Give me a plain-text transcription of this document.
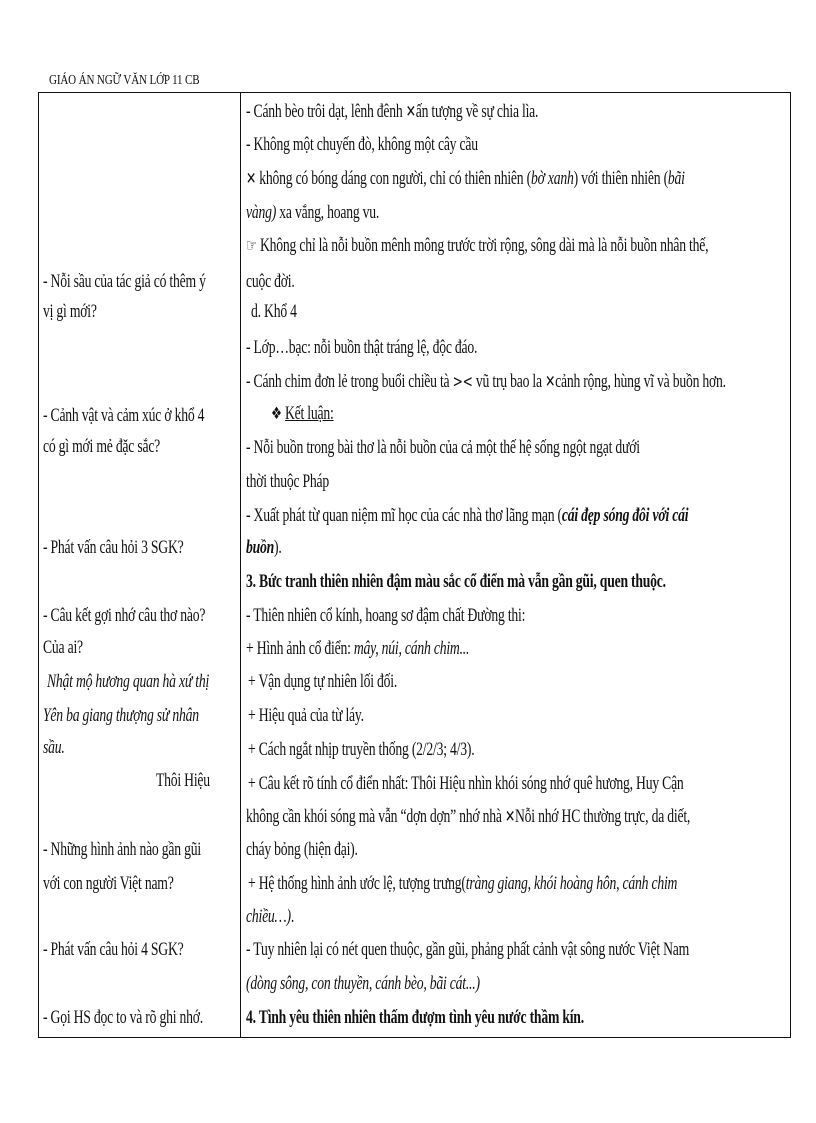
GIÁO ÁN NGỮ VĂN LỚP 11 CB
- Nỗi sầu của tác giả có thêm ý
vị gì mới?
- Cảnh vật và cảm xúc ở khổ 4
có gì mới mẻ đặc sắc?
- Phát vấn câu hỏi 3 SGK?
- Câu kết gợi nhớ câu thơ nào?
Của ai?
Nhật mộ hương quan hà xứ thị
Yên ba giang thượng sử nhân
sầu.
Thôi Hiệu
- Những hình ảnh nào gần gũi
với con người Việt nam?
- Phát vấn câu hỏi 4 SGK?
- Gọi HS đọc to và rõ ghi nhớ.
- Cánh bèo trôi dạt, lênh đênh ✕ấn tượng về sự chia lìa.
- Không một chuyến đò, không một cây cầu
✕ không có bóng dáng con người, chỉ có thiên nhiên (bờ xanh) với thiên nhiên (bãi
vàng) xa vắng, hoang vu.
☞ Không chỉ là nỗi buồn mênh mông trước trời rộng, sông dài mà là nỗi buồn nhân thế,
cuộc đời.
d. Khổ 4
- Lớp…bạc: nỗi buồn thật tráng lệ, độc đáo.
- Cánh chim đơn lẻ trong buổi chiều tà >< vũ trụ bao la ✕cảnh rộng, hùng vĩ và buồn hơn.
❖ Kết luận:
- Nỗi buồn trong bài thơ là nỗi buồn của cả một thế hệ sống ngột ngạt dưới
thời thuộc Pháp
- Xuất phát từ quan niệm mĩ học của các nhà thơ lãng mạn (cái đẹp sóng đôi với cái
buồn).
3. Bức tranh thiên nhiên đậm màu sắc cổ điển mà vẫn gần gũi, quen thuộc.
- Thiên nhiên cổ kính, hoang sơ đậm chất Đường thi:
+ Hình ảnh cổ điển: mây, núi, cánh chim...
+ Vận dụng tự nhiên lối đối.
+ Hiệu quả của từ láy.
+ Cách ngắt nhịp truyền thống (2/2/3; 4/3).
+ Câu kết rõ tính cổ điển nhất: Thôi Hiệu nhìn khói sóng nhớ quê hương, Huy Cận
không cần khói sóng mà vẫn “dợn dợn” nhớ nhà ✕Nỗi nhớ HC thường trực, da diết,
cháy bỏng (hiện đại).
+ Hệ thống hình ảnh ước lệ, tượng trưng(tràng giang, khói hoàng hôn, cánh chim
chiều…).
- Tuy nhiên lại có nét quen thuộc, gần gũi, phảng phất cảnh vật sông nước Việt Nam
(dòng sông, con thuyền, cánh bèo, bãi cát...)
4. Tình yêu thiên nhiên thấm đượm tình yêu nước thầm kín.
